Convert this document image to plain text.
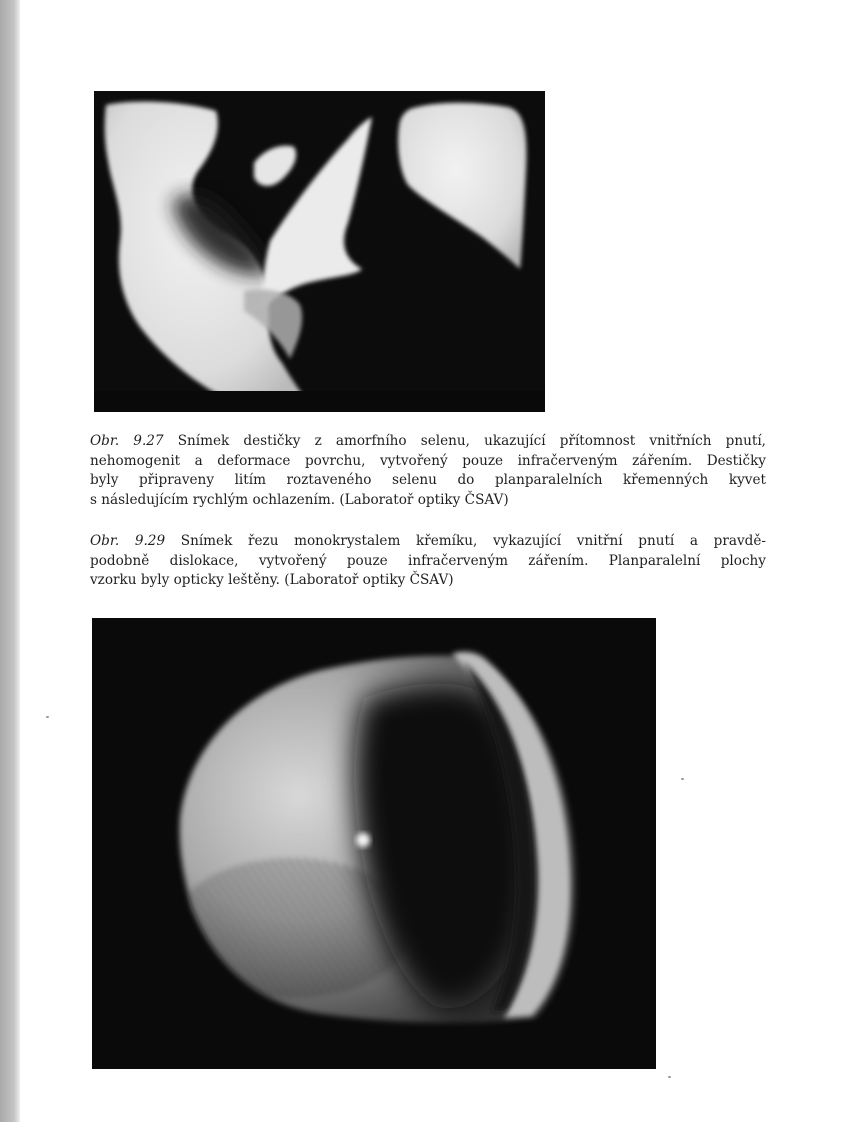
Obr. 9.27 Snímek destičky z amorfního selenu, ukazující přítomnost vnitřních pnutí,
nehomogenit a deformace povrchu, vytvořený pouze infračerveným zářením. Destičky
byly připraveny litím roztaveného selenu do planparalelních křemenných kyvet
s následujícím rychlým ochlazením. (Laboratoř optiky ČSAV)
Obr. 9.29 Snímek řezu monokrystalem křemíku, vykazující vnitřní pnutí a pravdě-
podobně dislokace, vytvořený pouze infračerveným zářením. Planparalelní plochy
vzorku byly opticky leštěny. (Laboratoř optiky ČSAV)
